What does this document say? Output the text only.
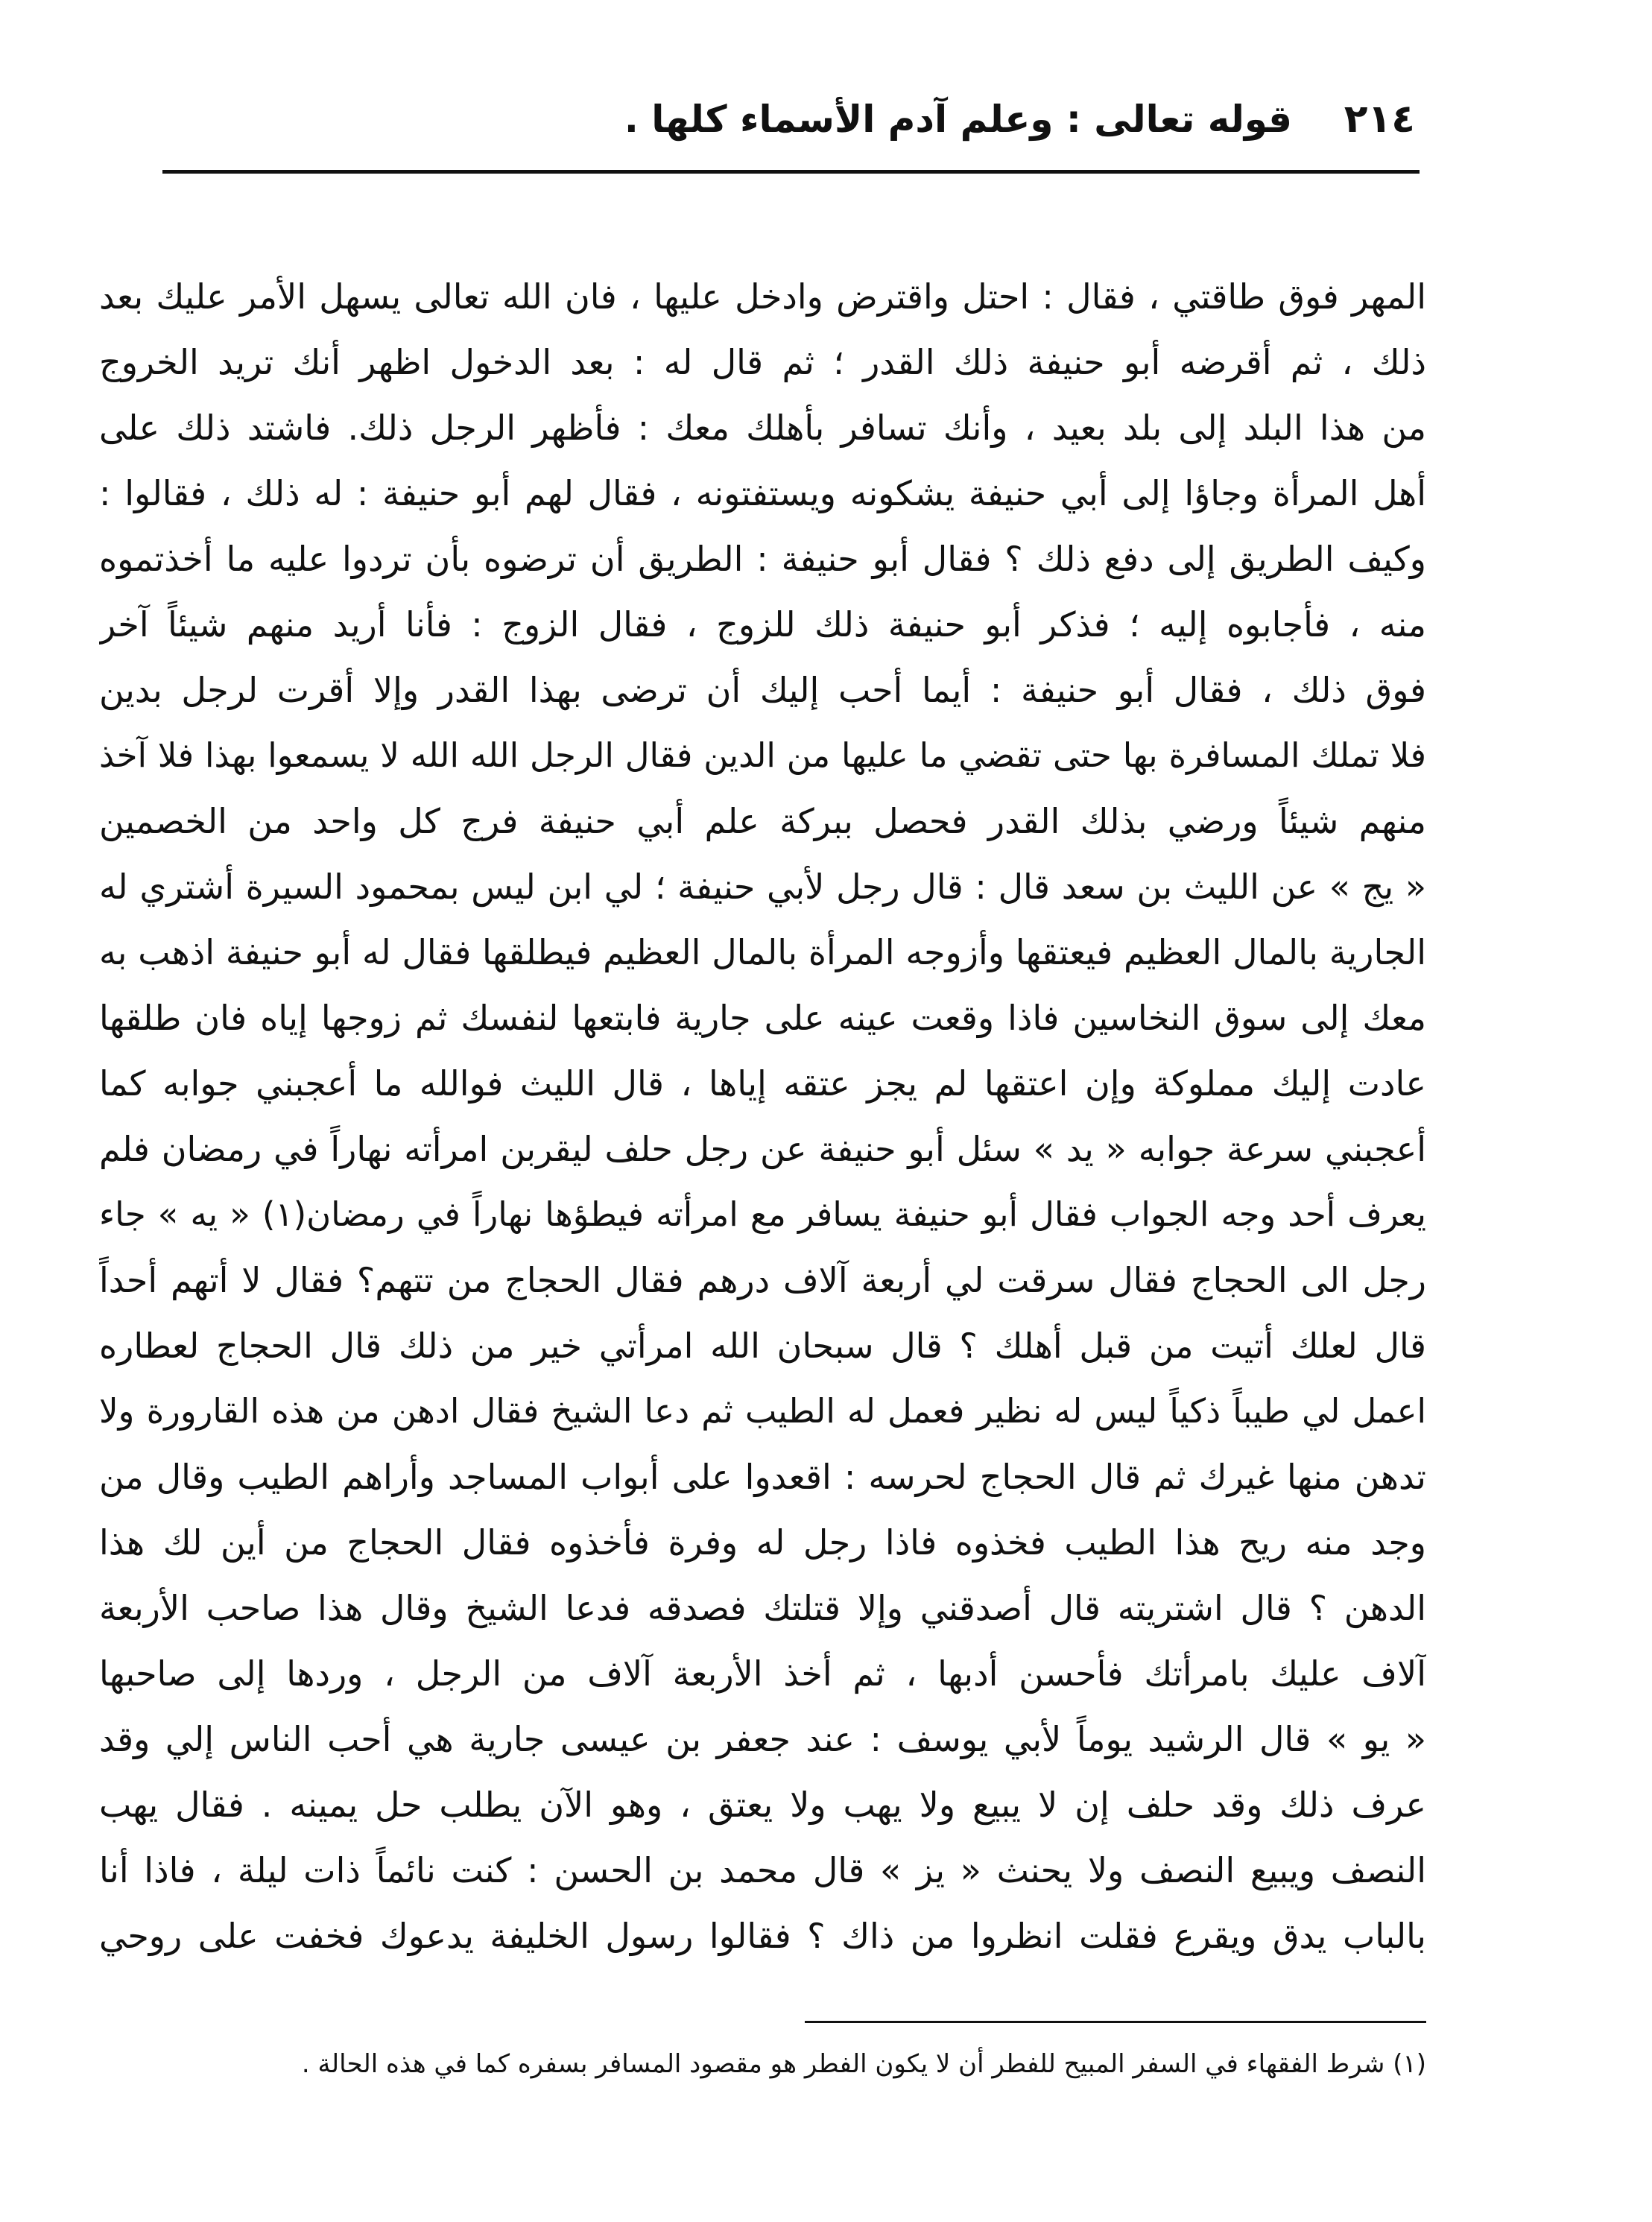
٢١٤
قوله تعالى : وعلم آدم الأسماء كلها .
المهر فوق طاقتي ، فقال : احتل واقترض وادخل عليها ، فان الله تعالى يسهل الأمر عليك بعد
ذلك ، ثم أقرضه أبو حنيفة ذلك القدر ؛ ثم قال له : بعد الدخول اظهر أنك تريد الخروج
من هذا البلد إلى بلد بعيد ، وأنك تسافر بأهلك معك : فأظهر الرجل ذلك. فاشتد ذلك على
أهل المرأة وجاؤا إلى أبي حنيفة يشكونه ويستفتونه ، فقال لهم أبو حنيفة : له ذلك ، فقالوا :
وكيف الطريق إلى دفع ذلك ؟ فقال أبو حنيفة : الطريق أن ترضوه بأن تردوا عليه ما أخذتموه
منه ، فأجابوه إليه ؛ فذكر أبو حنيفة ذلك للزوج ، فقال الزوج : فأنا أريد منهم شيئاً آخر
فوق ذلك ، فقال أبو حنيفة : أيما أحب إليك أن ترضى بهذا القدر وإلا أقرت لرجل بدين
فلا تملك المسافرة بها حتى تقضي ما عليها من الدين فقال الرجل الله الله لا يسمعوا بهذا فلا آخذ
منهم شيئاً ورضي بذلك القدر فحصل ببركة علم أبي حنيفة فرج كل واحد من الخصمين
« يج » عن الليث بن سعد قال : قال رجل لأبي حنيفة ؛ لي ابن ليس بمحمود السيرة أشتري له
الجارية بالمال العظيم فيعتقها وأزوجه المرأة بالمال العظيم فيطلقها فقال له أبو حنيفة اذهب به
معك إلى سوق النخاسين فاذا وقعت عينه على جارية فابتعها لنفسك ثم زوجها إياه فان طلقها
عادت إليك مملوكة وإن اعتقها لم يجز عتقه إياها ، قال الليث فوالله ما أعجبني جوابه كما
أعجبني سرعة جوابه « يد » سئل أبو حنيفة عن رجل حلف ليقربن امرأته نهاراً في رمضان فلم
يعرف أحد وجه الجواب فقال أبو حنيفة يسافر مع امرأته فيطؤها نهاراً في رمضان(١) « يه » جاء
رجل الى الحجاج فقال سرقت لي أربعة آلاف درهم فقال الحجاج من تتهم؟ فقال لا أتهم أحداً
قال لعلك أتيت من قبل أهلك ؟ قال سبحان الله امرأتي خير من ذلك قال الحجاج لعطاره
اعمل لي طيباً ذكياً ليس له نظير فعمل له الطيب ثم دعا الشيخ فقال ادهن من هذه القارورة ولا
تدهن منها غيرك ثم قال الحجاج لحرسه : اقعدوا على أبواب المساجد وأراهم الطيب وقال من
وجد منه ريح هذا الطيب فخذوه فاذا رجل له وفرة فأخذوه فقال الحجاج من أين لك هذا
الدهن ؟ قال اشتريته قال أصدقني وإلا قتلتك فصدقه فدعا الشيخ وقال هذا صاحب الأربعة
آلاف عليك بامرأتك فأحسن أدبها ، ثم أخذ الأربعة آلاف من الرجل ، وردها إلى صاحبها
« يو » قال الرشيد يوماً لأبي يوسف : عند جعفر بن عيسى جارية هي أحب الناس إلي وقد
عرف ذلك وقد حلف إن لا يبيع ولا يهب ولا يعتق ، وهو الآن يطلب حل يمينه . فقال يهب
النصف ويبيع النصف ولا يحنث « يز » قال محمد بن الحسن : كنت نائماً ذات ليلة ، فاذا أنا
بالباب يدق ويقرع فقلت انظروا من ذاك ؟ فقالوا رسول الخليفة يدعوك فخفت على روحي
(١) شرط الفقهاء في السفر المبيح للفطر أن لا يكون الفطر هو مقصود المسافر بسفره كما في هذه الحالة .
